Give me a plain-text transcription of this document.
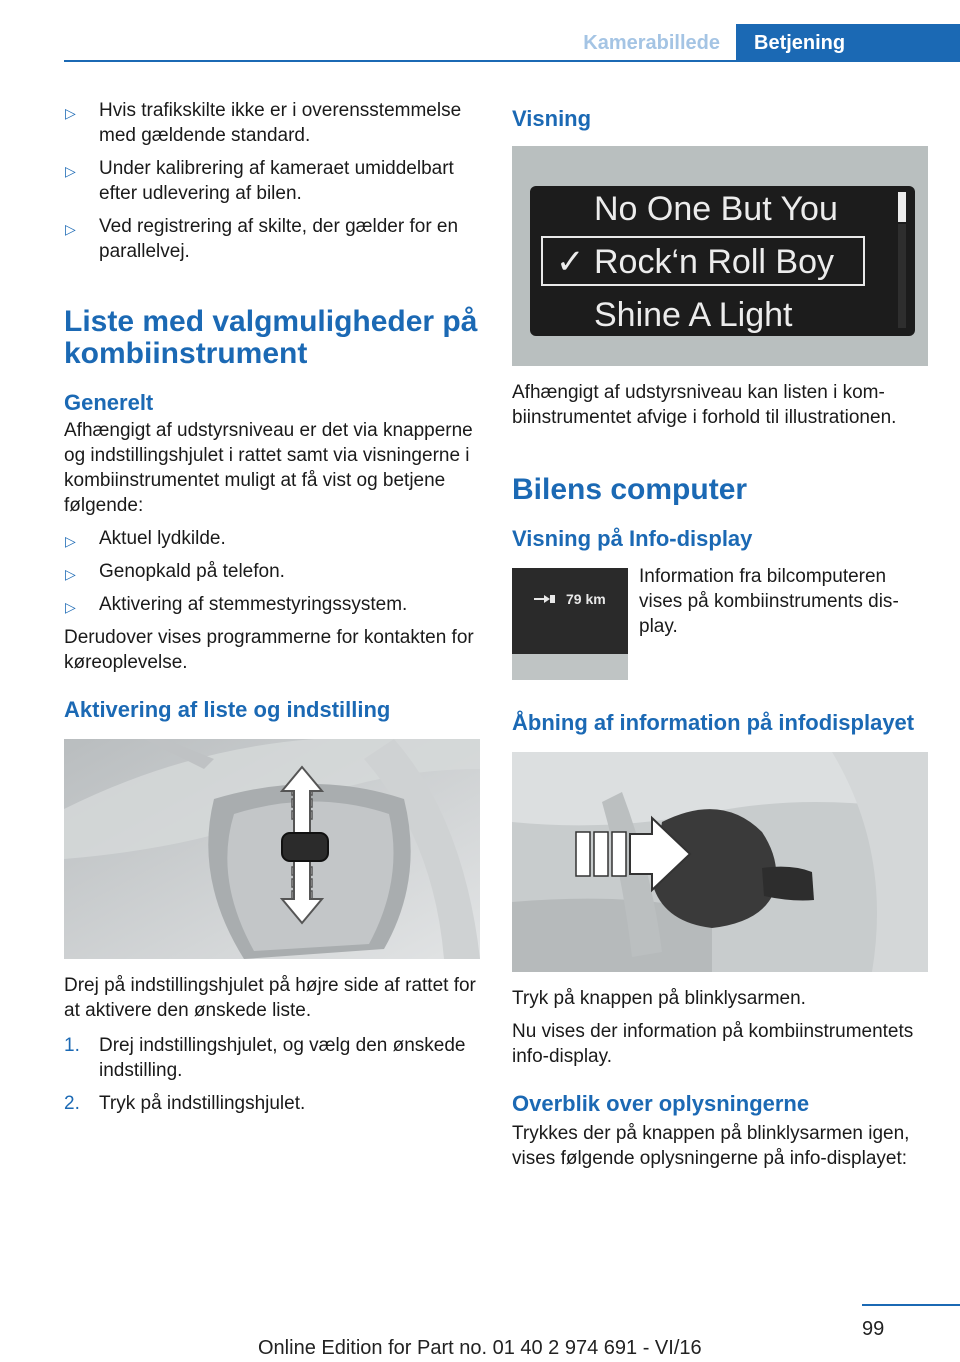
Kamerabillede	Betjening
▷ Hvis trafikskilte ikke er i overensstemmelse med gældende standard.
▷ Under kalibrering af kameraet umiddelbart efter udlevering af bilen.
▷ Ved registrering af skilte, der gælder for en parallelvej.
Liste med valgmuligheder på kombiinstrument
Generelt
Afhængigt af udstyrsniveau er det via knapperne og indstillingshjulet i rattet samt via visningerne i kombiinstrumentet muligt at få vist og betjene følgende:
▷ Aktuel lydkilde.
▷ Genopkald på telefon.
▷ Aktivering af stemmestyringssystem.
Derudover vises programmerne for kontakten for køreoplevelse.
Aktivering af liste og indstilling
Drej på indstillingshjulet på højre side af rattet for at aktivere den ønskede liste.
1. Drej indstillingshjulet, og vælg den ønskede indstilling.
2. Tryk på indstillingshjulet.
Visning
No One But You
✓ Rock‘n Roll Boy
Shine A Light
Afhængigt af udstyrsniveau kan listen i kombiinstrumentet afvige i forhold til illustrationen.
Bilens computer
Visning på Info-display
79 km
Information fra bilcomputeren vises på kombiinstruments display.
Åbning af information på infodisplayet
Tryk på knappen på blinklysarmen.
Nu vises der information på kombiinstrumentets info-display.
Overblik over oplysningerne
Trykkes der på knappen på blinklysarmen igen, vises følgende oplysningerne på info-displayet:
99
Online Edition for Part no. 01 40 2 974 691 - VI/16
